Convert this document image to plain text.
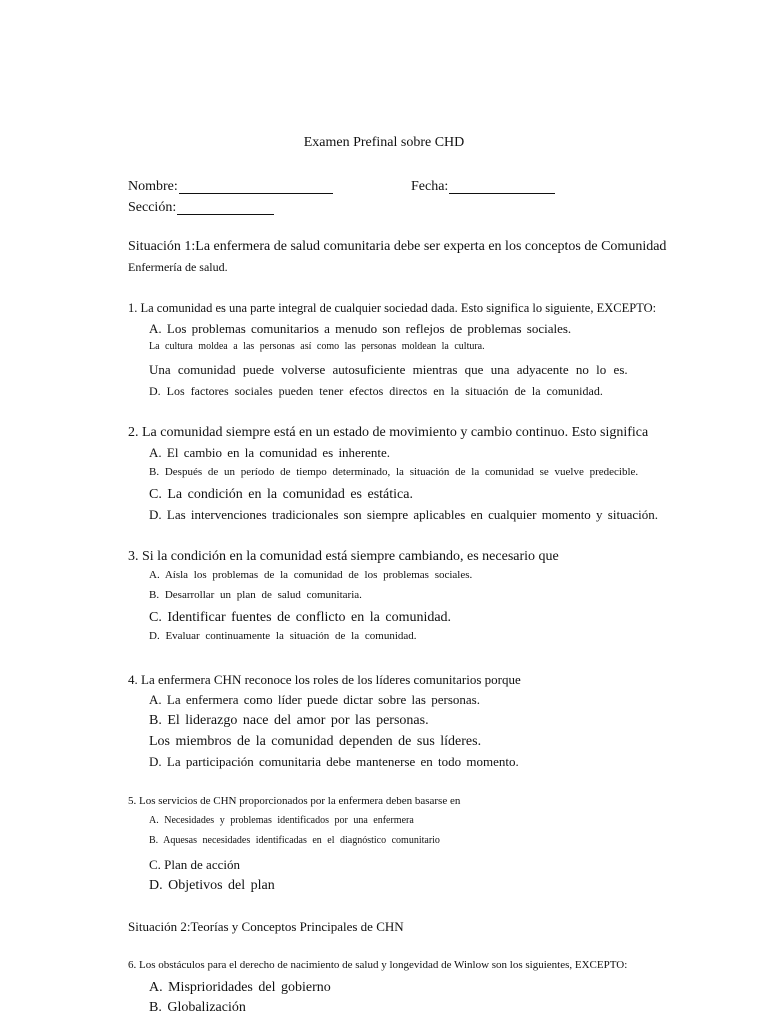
Examen Prefinal sobre CHD
Nombre:	Fecha:
Sección:
Situación 1:La enfermera de salud comunitaria debe ser experta en los conceptos de Comunidad
Enfermería de salud.
1. La comunidad es una parte integral de cualquier sociedad dada. Esto significa lo siguiente, EXCEPTO:
A. Los problemas comunitarios a menudo son reflejos de problemas sociales.
La cultura moldea a las personas así como las personas moldean la cultura.
Una comunidad puede volverse autosuficiente mientras que una adyacente no lo es.
D. Los factores sociales pueden tener efectos directos en la situación de la comunidad.
2. La comunidad siempre está en un estado de movimiento y cambio continuo. Esto significa
A. El cambio en la comunidad es inherente.
B. Después de un período de tiempo determinado, la situación de la comunidad se vuelve predecible.
C. La condición en la comunidad es estática.
D. Las intervenciones tradicionales son siempre aplicables en cualquier momento y situación.
3. Si la condición en la comunidad está siempre cambiando, es necesario que
A. Aísla los problemas de la comunidad de los problemas sociales.
B. Desarrollar un plan de salud comunitaria.
C. Identificar fuentes de conflicto en la comunidad.
D. Evaluar continuamente la situación de la comunidad.
4. La enfermera CHN reconoce los roles de los líderes comunitarios porque
A. La enfermera como líder puede dictar sobre las personas.
B. El liderazgo nace del amor por las personas.
Los miembros de la comunidad dependen de sus líderes.
D. La participación comunitaria debe mantenerse en todo momento.
5. Los servicios de CHN proporcionados por la enfermera deben basarse en
A. Necesidades y problemas identificados por una enfermera
B. Aquesas necesidades identificadas en el diagnóstico comunitario
C. Plan de acción
D. Objetivos del plan
Situación 2:Teorías y Conceptos Principales de CHN
6. Los obstáculos para el derecho de nacimiento de salud y longevidad de Winlow son los siguientes, EXCEPTO:
A. Misprioridades del gobierno
B. Globalización
